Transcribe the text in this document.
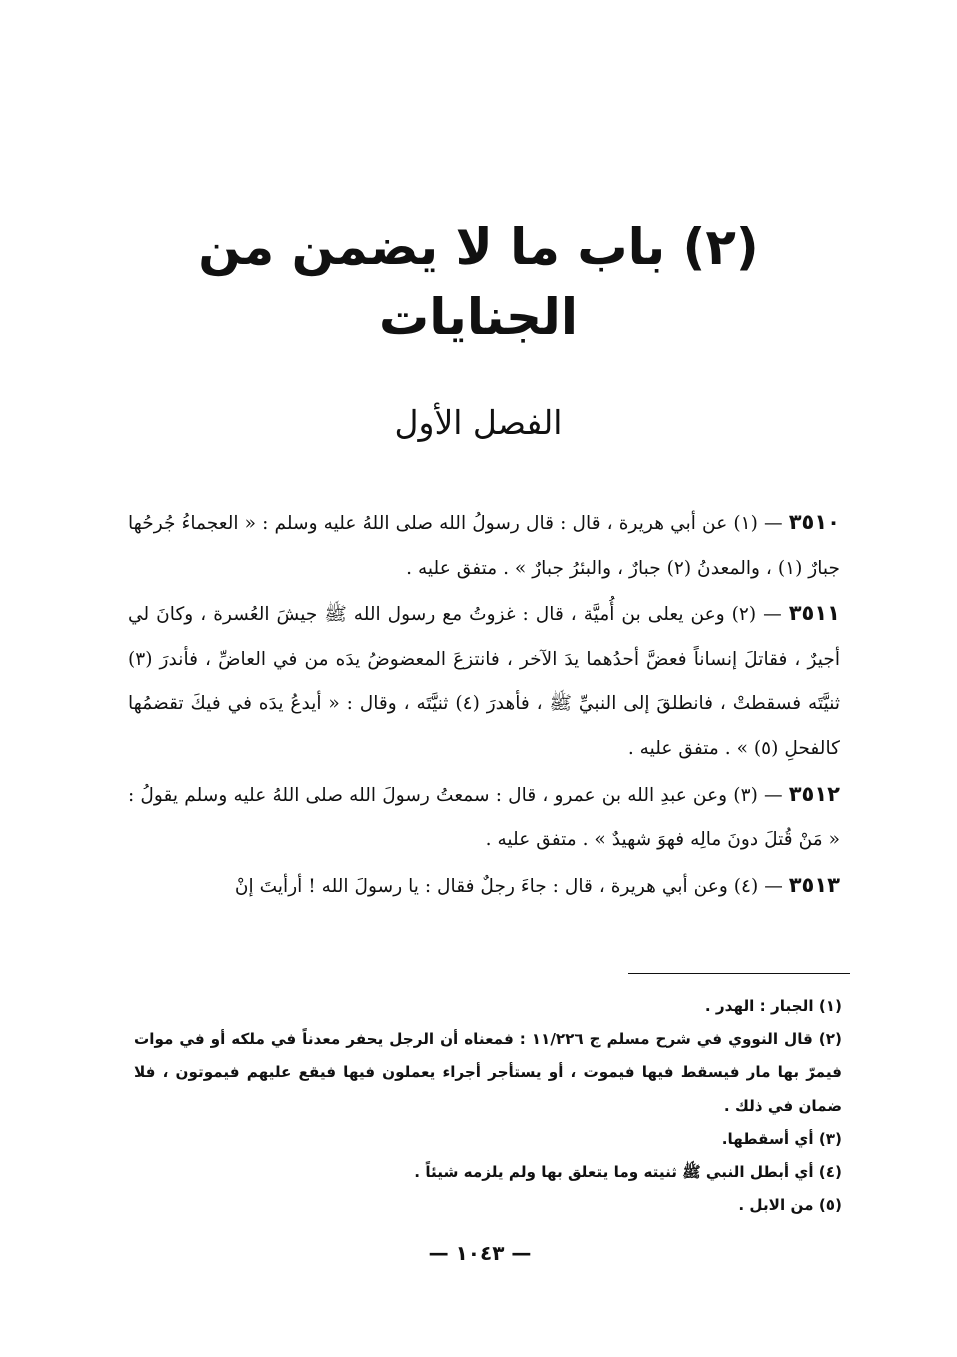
(٢) باب ما لا يضمن من الجنايات
الفصل الأول

٣٥١٠ — (١) عن أبي هريرة ، قال : قال رسولُ الله صلى اللهُ عليه وسلم : « العجماءُ جُرحُها جبارٌ (١) ، والمعدنُ (٢) جبارٌ ، والبئرُ جبارٌ » . متفق عليه .

٣٥١١ — (٢) وعن يعلى بن أُميَّة ، قال : غزوتُ مع رسول الله ﷺ جيشَ العُسرة ، وكانَ لي أجيرٌ ، فقاتلَ إنساناً فعضَّ أحدُهما يدَ الآخر ، فانتزعَ المعضوضُ يدَه من في العاضِّ ، فأندرَ (٣) ثنيَّتَه فسقطتْ ، فانطلقَ إلى النبيِّ ﷺ ، فأهدرَ (٤) ثنيَّتَه ، وقال : « أيدعُ يدَه في فيكَ تقضمُها كالفحلِ (٥) » . متفق عليه .

٣٥١٢ — (٣) وعن عبدِ الله بن عمرو ، قال : سمعتُ رسولَ الله صلى اللهُ عليه وسلم يقولُ : « مَنْ قُتلَ دونَ مالِه فهوَ شهيدٌ » . متفق عليه .

٣٥١٣ — (٤) وعن أبي هريرة ، قال : جاءَ رجلٌ فقال : يا رسولَ الله ! أرأيتَ إنْ

(١) الجبار : الهدر .

(٢) قال النووي في شرح مسلم ج ١١/٢٢٦ : فمعناه أن الرجل يحفر معدناً في ملكه أو في موات فيمرّ بها مار فيسقط فيها فيموت ، أو يستأجر أجراء يعملون فيها فيقع عليهم فيموتون ، فلا ضمان في ذلك .

(٣) أي أسقطها.

(٤) أي أبطل النبي ﷺ ثنيته وما يتعلق بها ولم يلزمه شيئاً .

(٥) من الابل .

— ١٠٤٣ —
